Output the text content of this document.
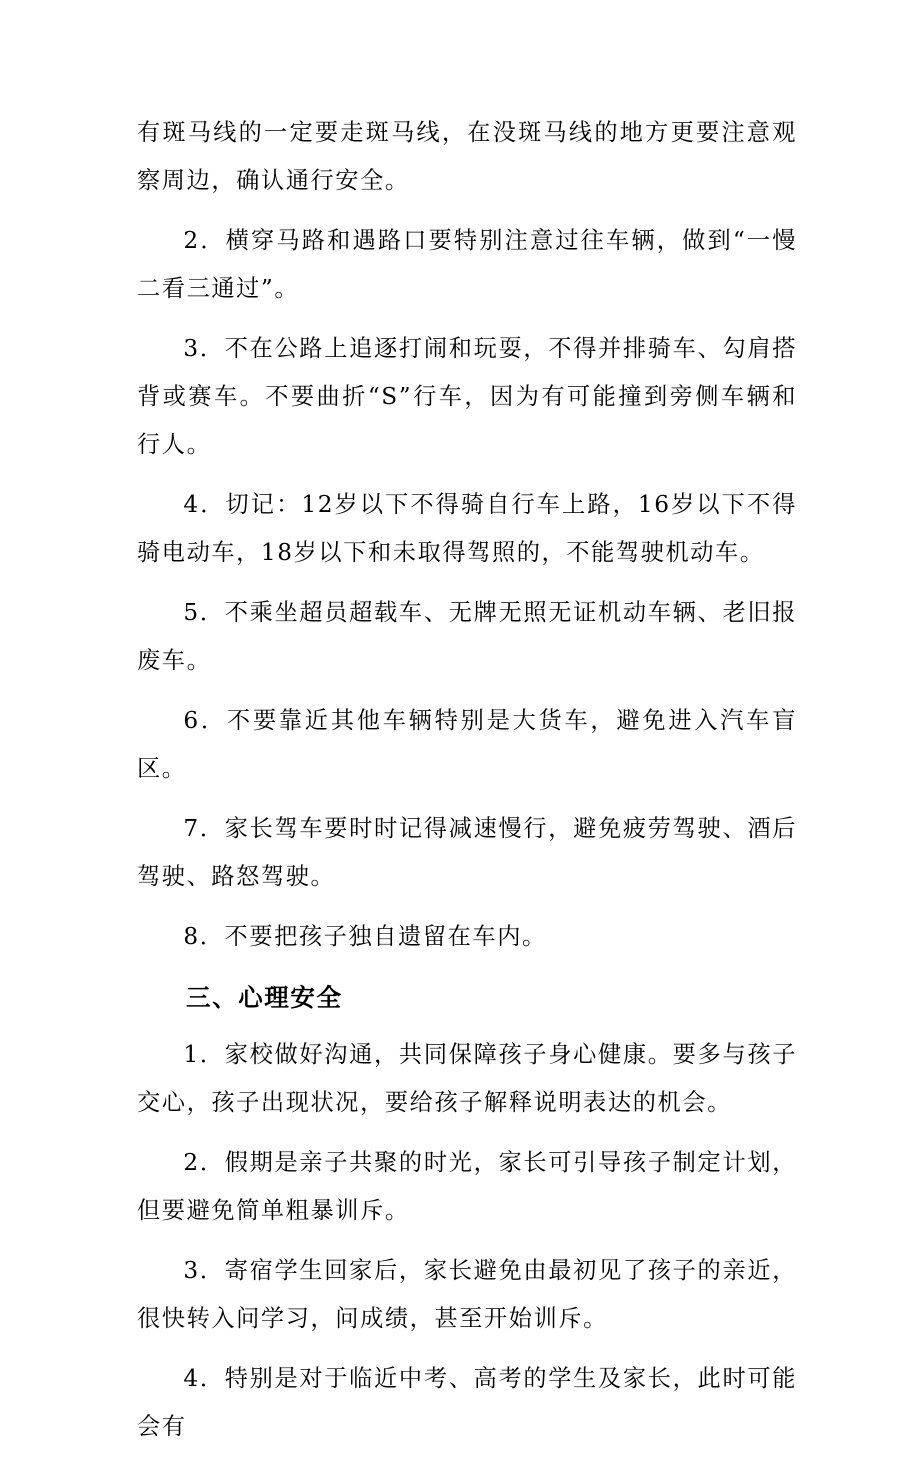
有斑马线的一定要走斑马线，在没斑马线的地方更要注意观察周边，确认通行安全。

2．横穿马路和遇路口要特别注意过往车辆，做到“一慢二看三通过”。

3．不在公路上追逐打闹和玩耍，不得并排骑车、勾肩搭背或赛车。不要曲折“S”行车，因为有可能撞到旁侧车辆和行人。

4．切记：12岁以下不得骑自行车上路，16岁以下不得骑电动车，18岁以下和未取得驾照的，不能驾驶机动车。

5．不乘坐超员超载车、无牌无照无证机动车辆、老旧报废车。

6．不要靠近其他车辆特别是大货车，避免进入汽车盲区。

7．家长驾车要时时记得减速慢行，避免疲劳驾驶、酒后驾驶、路怒驾驶。

8．不要把孩子独自遗留在车内。

三、心理安全

1．家校做好沟通，共同保障孩子身心健康。要多与孩子交心，孩子出现状况，要给孩子解释说明表达的机会。

2．假期是亲子共聚的时光，家长可引导孩子制定计划，但要避免简单粗暴训斥。

3．寄宿学生回家后，家长避免由最初见了孩子的亲近，很快转入问学习，问成绩，甚至开始训斥。

4．特别是对于临近中考、高考的学生及家长，此时可能会有
